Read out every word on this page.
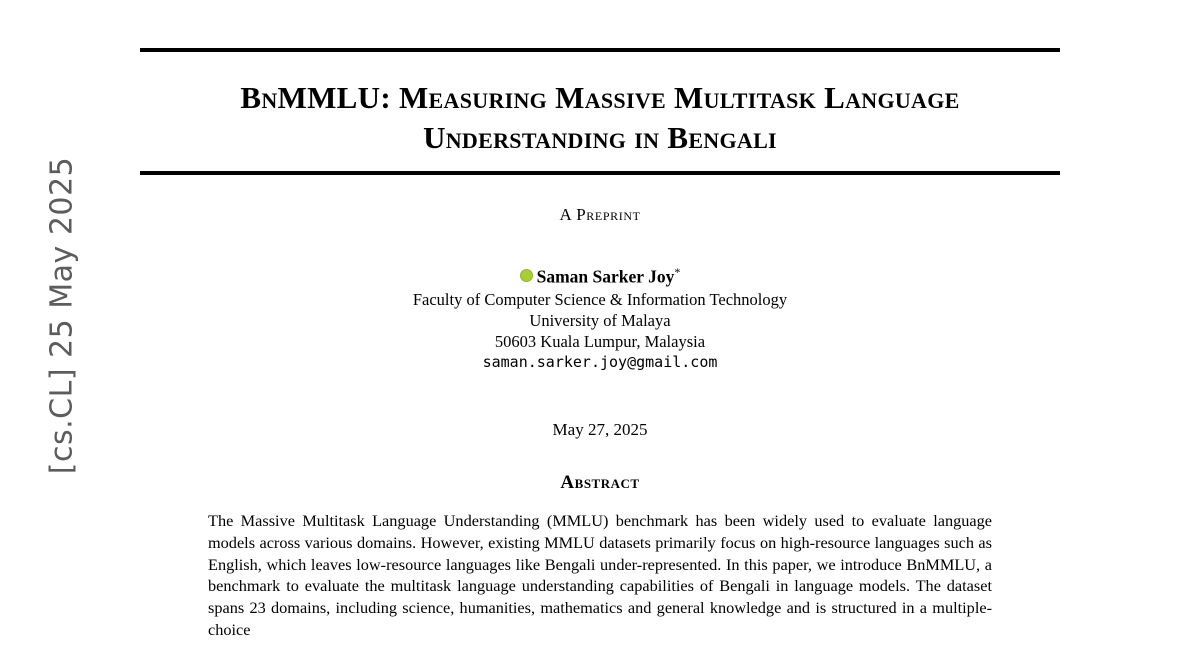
[cs.CL] 25 May 2025
BnMMLU: Measuring Massive Multitask Language Understanding in Bengali
A Preprint
Saman Sarker Joy*
Faculty of Computer Science & Information Technology
University of Malaya
50603 Kuala Lumpur, Malaysia
saman.sarker.joy@gmail.com
May 27, 2025
Abstract

The Massive Multitask Language Understanding (MMLU) benchmark has been widely used to evaluate language models across various domains. However, existing MMLU datasets primarily focus on high-resource languages such as English, which leaves low-resource languages like Bengali under-represented. In this paper, we introduce BnMMLU, a benchmark to evaluate the multitask language understanding capabilities of Bengali in language models. The dataset spans 23 domains, including science, humanities, mathematics and general knowledge and is structured in a multiple-choice
